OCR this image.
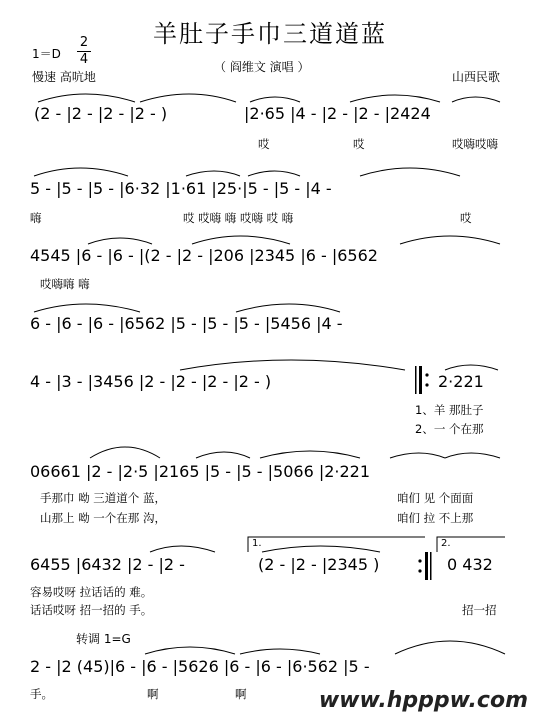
羊肚子手巾三道道蓝
1＝D
2
4
慢速 高吭地
（ 阎维文 演唱 ）
山西民歌
(2 - |2 - |2 - |2 - )	|2·65 |4 - |2 - |2 - |2424
哎	哎	哎嗨哎嗨
5 - |5 - |5 - |6·32 |1·61 |25·|5 - |5 - |4 -
嗨	哎 哎嗨 嗨 哎嗨 哎 嗨	哎
4545 |6 - |6 - |(2 - |2 - |206 |2345 |6 - |6562
哎嗨嗨 嗨
6 - |6 - |6 - |6562 |5 - |5 - |5 - |5456 |4 -
4 - |3 - |3456 |2 - |2 - |2 - |2 - )	2·221
1、羊 那肚子
2、一 个在那
06661 |2 - |2·5 |2165 |5 - |5 - |5066 |2·221
手那巾 呦 三道道个 蓝，	咱们 见 个面面
山那上 呦 一个在那 沟，	咱们 拉 不上那
6455 |6432 |2 - |2 -	(2 - |2 - |2345 )	0 432
1.	2.
容易哎呀 拉话话的 难。
话话哎呀 招一招的 手。	招一招
转调 1=G
2 - |2 (45)|6 - |6 - |5626 |6 - |6 - |6·562 |5 -
手。	啊	啊	www.hpppw.com
